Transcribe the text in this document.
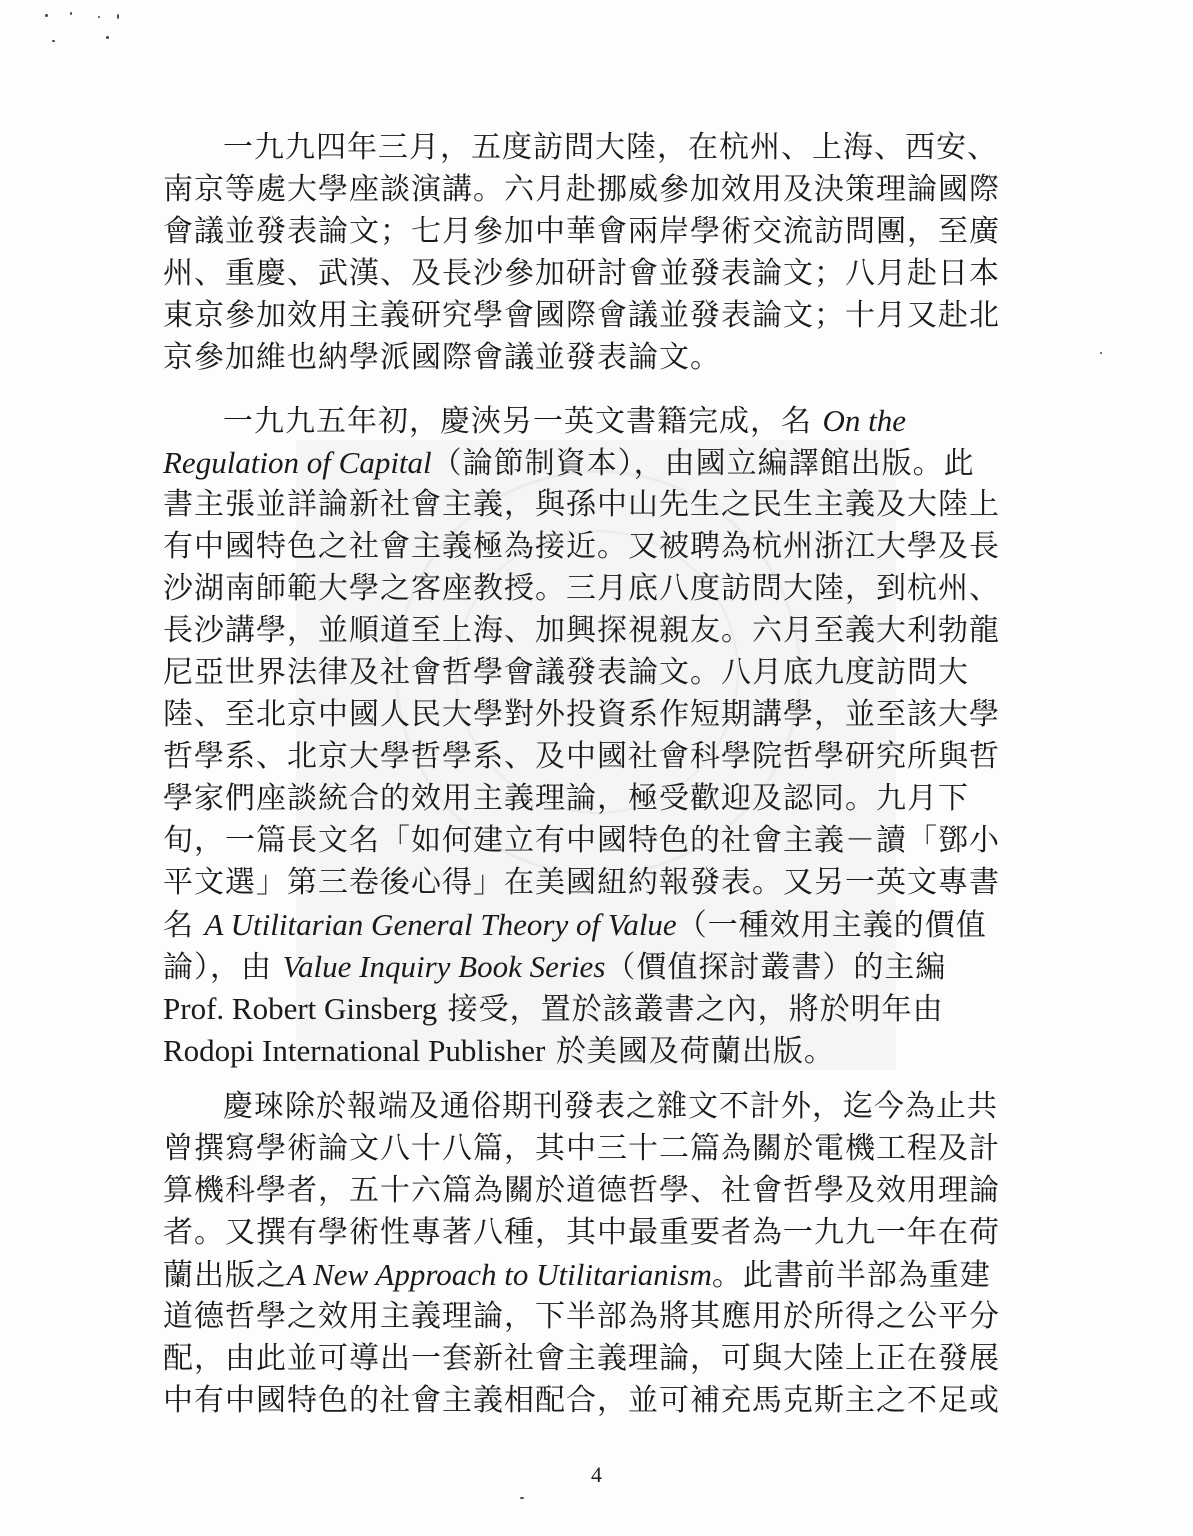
一九九四年三月，五度訪問大陸，在杭州、上海、西安、
南京等處大學座談演講。六月赴挪威參加效用及決策理論國際
會議並發表論文；七月參加中華會兩岸學術交流訪問團，至廣
州、重慶、武漢、及長沙參加研討會並發表論文；八月赴日本
東京參加效用主義研究學會國際會議並發表論文；十月又赴北
京參加維也納學派國際會議並發表論文。
一九九五年初，慶浹另一英文書籍完成，名 On the
Regulation of Capital（論節制資本），由國立編譯館出版。此
書主張並詳論新社會主義，與孫中山先生之民生主義及大陸上
有中國特色之社會主義極為接近。又被聘為杭州浙江大學及長
沙湖南師範大學之客座教授。三月底八度訪問大陸，到杭州、
長沙講學，並順道至上海、加興探視親友。六月至義大利勃龍
尼亞世界法律及社會哲學會議發表論文。八月底九度訪問大
陸、至北京中國人民大學對外投資系作短期講學，並至該大學
哲學系、北京大學哲學系、及中國社會科學院哲學研究所與哲
學家們座談統合的效用主義理論，極受歡迎及認同。九月下
旬，一篇長文名「如何建立有中國特色的社會主義－讀「鄧小
平文選」第三卷後心得」在美國紐約報發表。又另一英文專書
名 A Utilitarian General Theory of Value（一種效用主義的價值
論），由 Value Inquiry Book Series（價值探討叢書）的主編
Prof. Robert Ginsberg 接受，置於該叢書之內，將於明年由
Rodopi International Publisher 於美國及荷蘭出版。
慶琜除於報端及通俗期刊發表之雜文不計外，迄今為止共
曾撰寫學術論文八十八篇，其中三十二篇為關於電機工程及計
算機科學者，五十六篇為關於道德哲學、社會哲學及效用理論
者。又撰有學術性專著八種，其中最重要者為一九九一年在荷
蘭出版之A New Approach to Utilitarianism。此書前半部為重建
道德哲學之效用主義理論，下半部為將其應用於所得之公平分
配，由此並可導出一套新社會主義理論，可與大陸上正在發展
中有中國特色的社會主義相配合，並可補充馬克斯主之不足或
4
